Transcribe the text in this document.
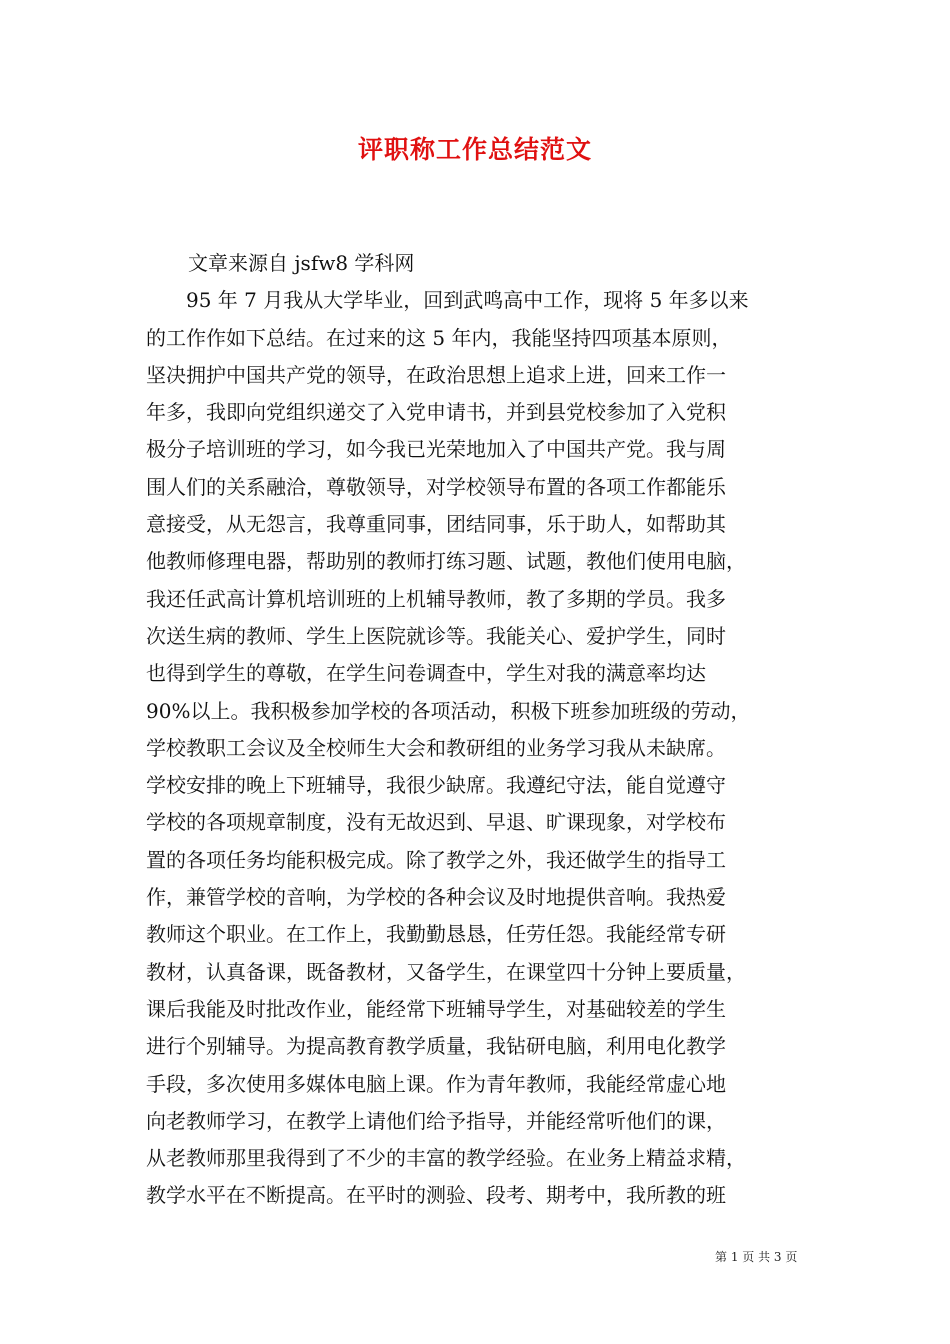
评职称工作总结范文
文章来源自 jsfw8 学科网

　　95 年 7 月我从大学毕业，回到武鸣高中工作，现将 5 年多以来
的工作作如下总结。在过来的这 5 年内，我能坚持四项基本原则，
坚决拥护中国共产党的领导，在政治思想上追求上进，回来工作一
年多，我即向党组织递交了入党申请书，并到县党校参加了入党积
极分子培训班的学习，如今我已光荣地加入了中国共产党。我与周
围人们的关系融洽，尊敬领导，对学校领导布置的各项工作都能乐
意接受，从无怨言，我尊重同事，团结同事，乐于助人，如帮助其
他教师修理电器，帮助别的教师打练习题、试题，教他们使用电脑，
我还任武高计算机培训班的上机辅导教师，教了多期的学员。我多
次送生病的教师、学生上医院就诊等。我能关心、爱护学生，同时
也得到学生的尊敬，在学生问卷调查中，学生对我的满意率均达
90%以上。我积极参加学校的各项活动，积极下班参加班级的劳动，
学校教职工会议及全校师生大会和教研组的业务学习我从未缺席。
学校安排的晚上下班辅导，我很少缺席。我遵纪守法，能自觉遵守
学校的各项规章制度，没有无故迟到、早退、旷课现象，对学校布
置的各项任务均能积极完成。除了教学之外，我还做学生的指导工
作，兼管学校的音响，为学校的各种会议及时地提供音响。我热爱
教师这个职业。在工作上，我勤勤恳恳，任劳任怨。我能经常专研
教材，认真备课，既备教材，又备学生，在课堂四十分钟上要质量，
课后我能及时批改作业，能经常下班辅导学生，对基础较差的学生
进行个别辅导。为提高教育教学质量，我钻研电脑，利用电化教学
手段，多次使用多媒体电脑上课。作为青年教师，我能经常虚心地
向老教师学习，在教学上请他们给予指导，并能经常听他们的课，
从老教师那里我得到了不少的丰富的教学经验。在业务上精益求精，
教学水平在不断提高。在平时的测验、段考、期考中，我所教的班

第 1 页 共 3 页
